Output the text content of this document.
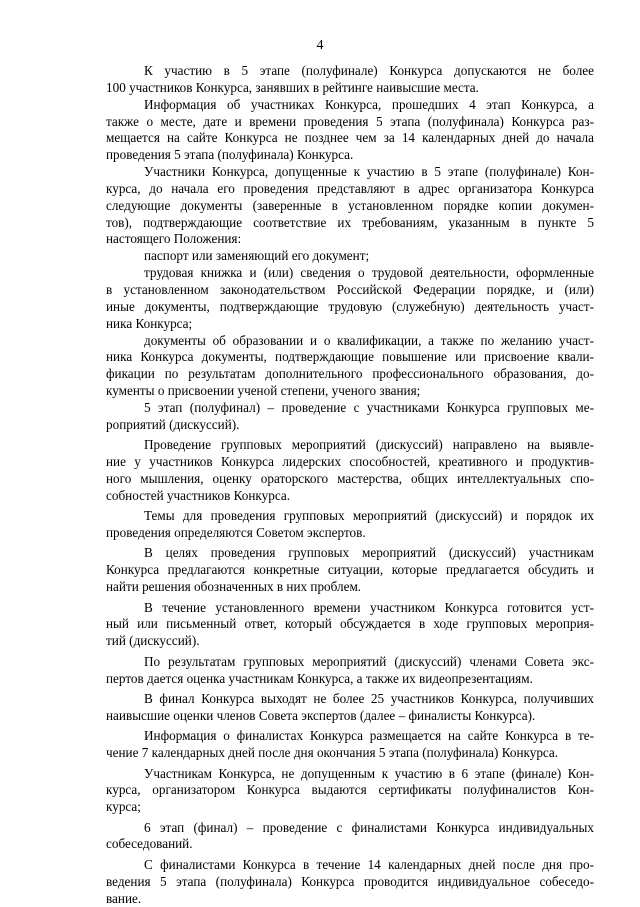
4

К участию в 5 этапе (полуфинале) Конкурса допускаются не более
100 участников Конкурса, занявших в рейтинге наивысшие места.

Информация об участниках Конкурса, прошедших 4 этап Конкурса, а
также о месте, дате и времени проведения 5 этапа (полуфинала) Конкурса раз-
мещается на сайте Конкурса не позднее чем за 14 календарных дней до начала
проведения 5 этапа (полуфинала) Конкурса.

Участники Конкурса, допущенные к участию в 5 этапе (полуфинале) Кон-
курса, до начала его проведения представляют в адрес организатора Конкурса
следующие документы (заверенные в установленном порядке копии докумен-
тов), подтверждающие соответствие их требованиям, указанным в пункте 5
настоящего Положения:

паспорт или заменяющий его документ;

трудовая книжка и (или) сведения о трудовой деятельности, оформленные
в установленном законодательством Российской Федерации порядке, и (или)
иные документы, подтверждающие трудовую (служебную) деятельность участ-
ника Конкурса;

документы об образовании и о квалификации, а также по желанию участ-
ника Конкурса документы, подтверждающие повышение или присвоение квали-
фикации по результатам дополнительного профессионального образования, до-
кументы о присвоении ученой степени, ученого звания;

5 этап (полуфинал) – проведение с участниками Конкурса групповых ме-
роприятий (дискуссий).

Проведение групповых мероприятий (дискуссий) направлено на выявле-
ние у участников Конкурса лидерских способностей, креативного и продуктив-
ного мышления, оценку ораторского мастерства, общих интеллектуальных спо-
собностей участников Конкурса.

Темы для проведения групповых мероприятий (дискуссий) и порядок их
проведения определяются Советом экспертов.

В целях проведения групповых мероприятий (дискуссий) участникам
Конкурса предлагаются конкретные ситуации, которые предлагается обсудить и
найти решения обозначенных в них проблем.

В течение установленного времени участником Конкурса готовится уст-
ный или письменный ответ, который обсуждается в ходе групповых мероприя-
тий (дискуссий).

По результатам групповых мероприятий (дискуссий) членами Совета экс-
пертов дается оценка участникам Конкурса, а также их видеопрезентациям.

В финал Конкурса выходят не более 25 участников Конкурса, получивших
наивысшие оценки членов Совета экспертов (далее – финалисты Конкурса).

Информация о финалистах Конкурса размещается на сайте Конкурса в те-
чение 7 календарных дней после дня окончания 5 этапа (полуфинала) Конкурса.

Участникам Конкурса, не допущенным к участию в 6 этапе (финале) Кон-
курса, организатором Конкурса выдаются сертификаты полуфиналистов Кон-
курса;

6 этап (финал) – проведение с финалистами Конкурса индивидуальных
собеседований.

С финалистами Конкурса в течение 14 календарных дней после дня про-
ведения 5 этапа (полуфинала) Конкурса проводится индивидуальное собеседо-
вание.
